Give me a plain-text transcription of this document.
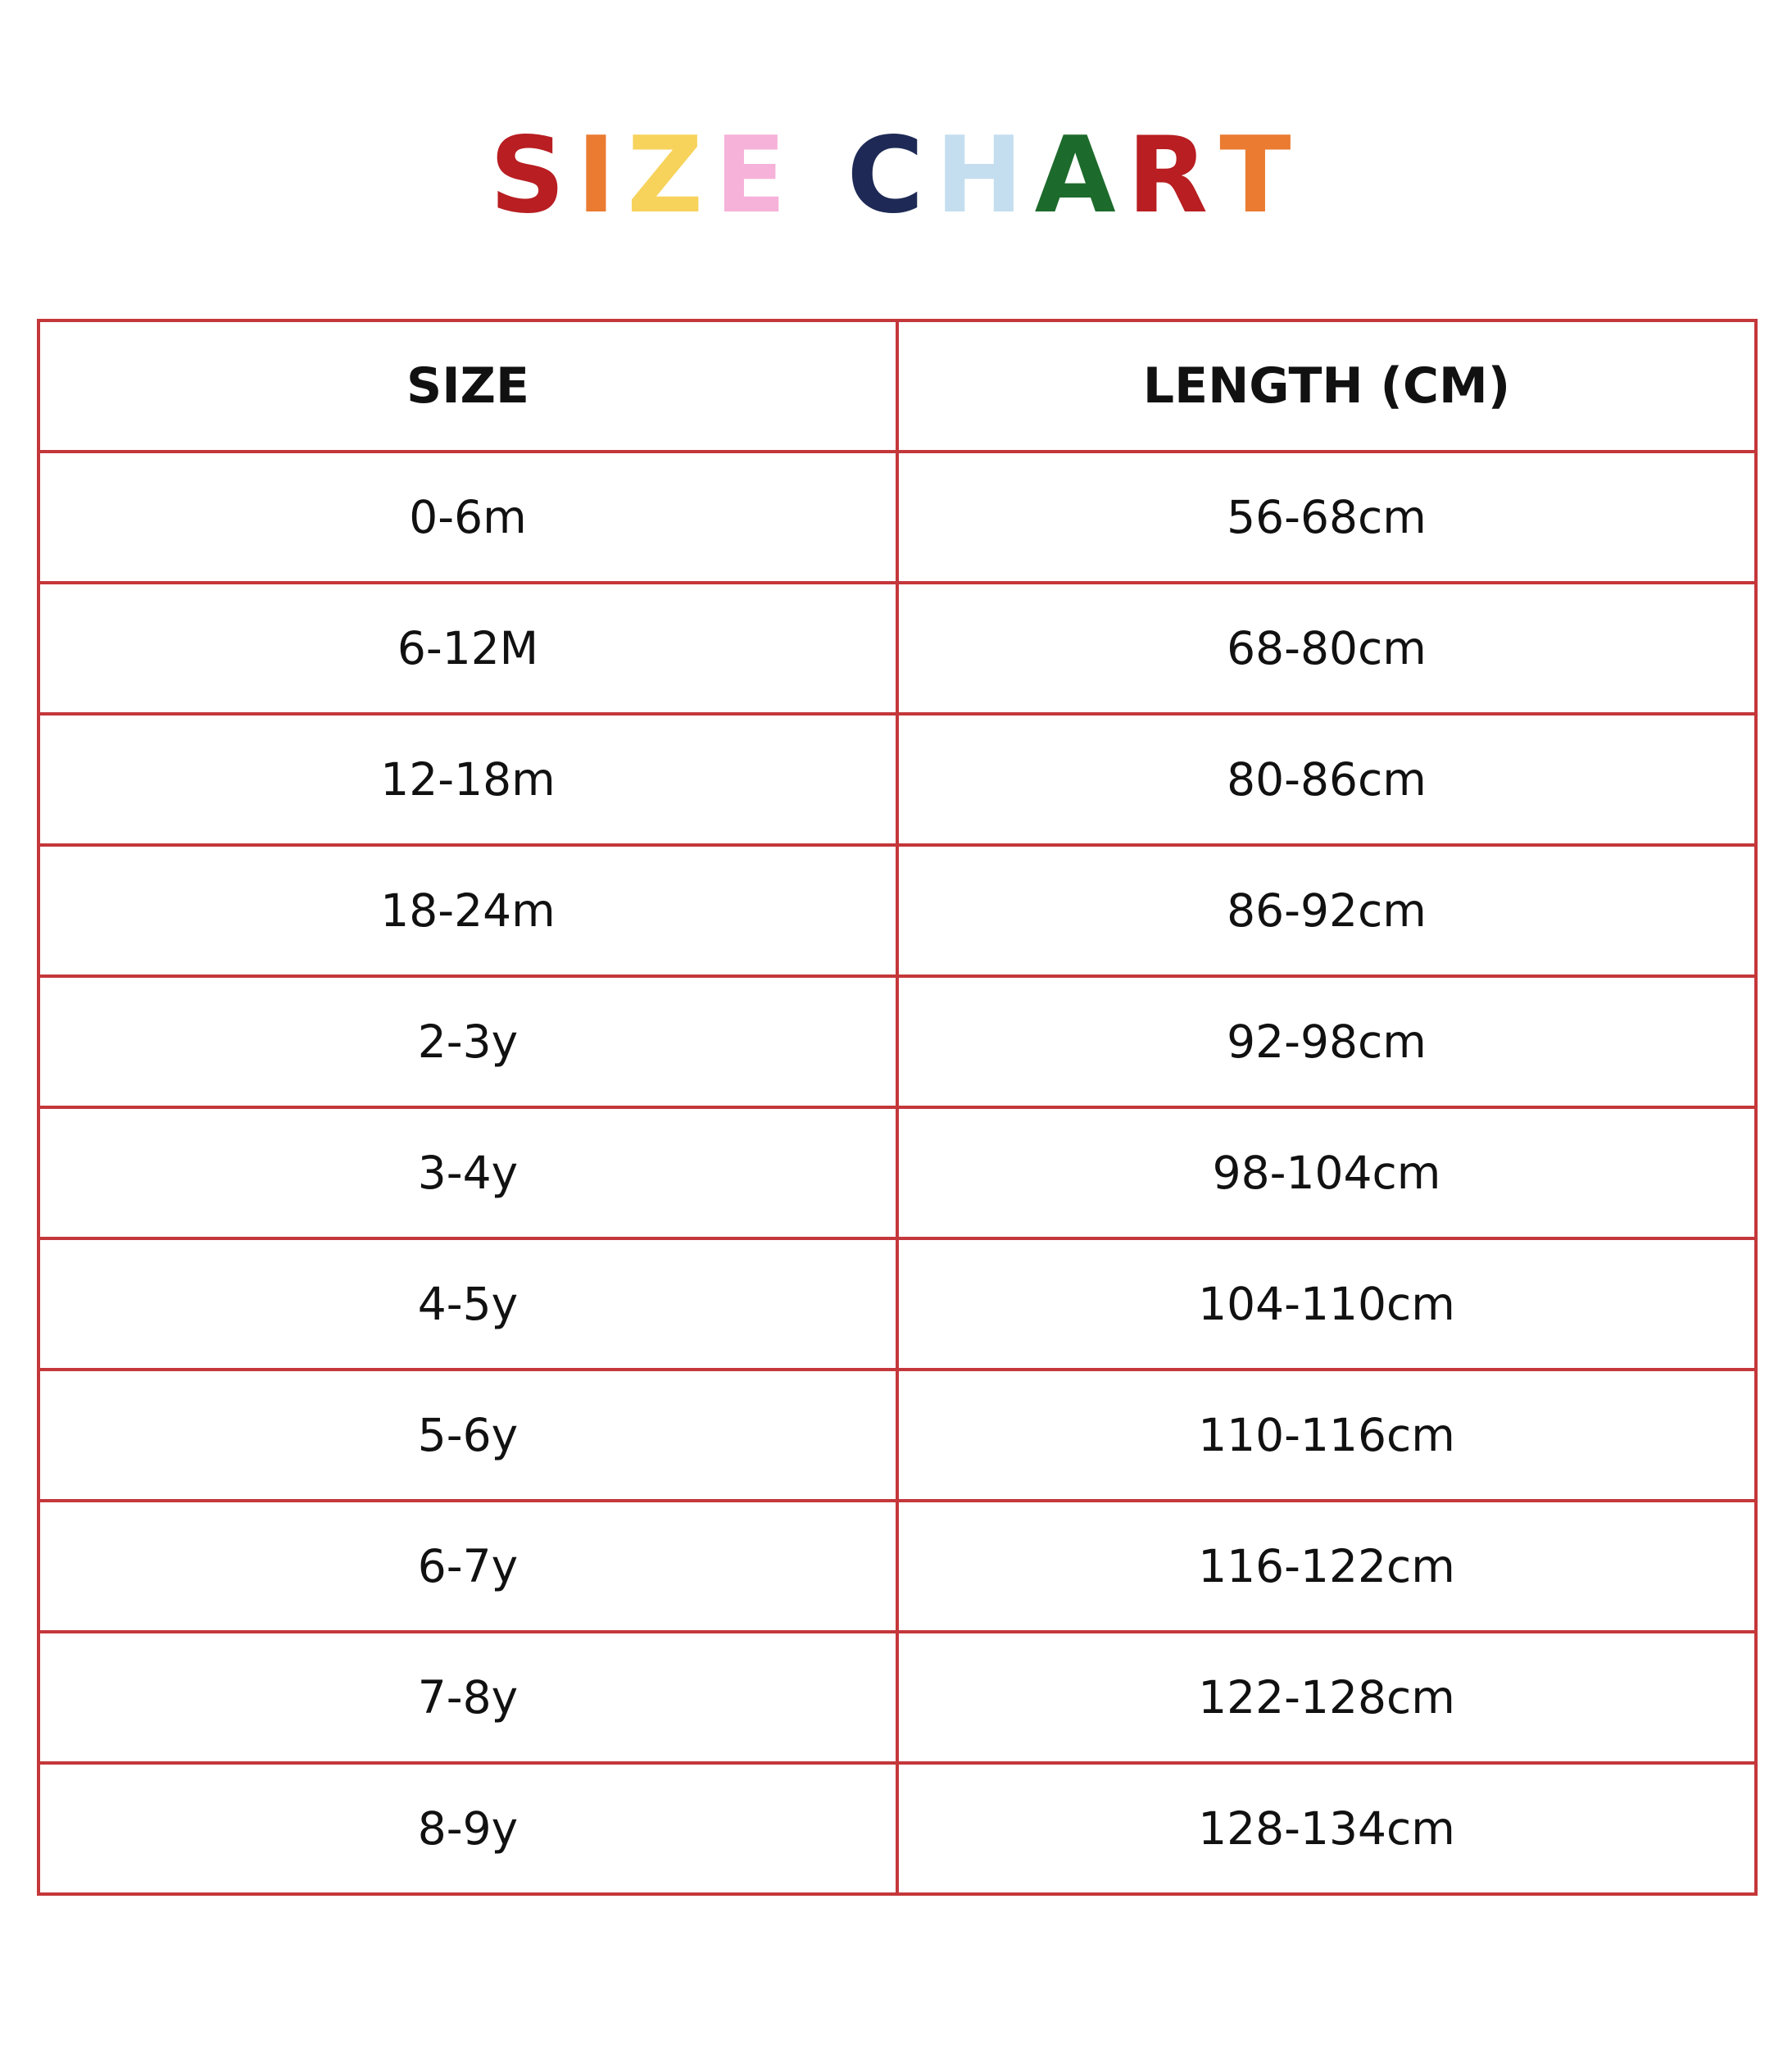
SIZE CHART
SIZE	LENGTH (CM)
0-6m	56-68cm
6-12M	68-80cm
12-18m	80-86cm
18-24m	86-92cm
2-3y	92-98cm
3-4y	98-104cm
4-5y	104-110cm
5-6y	110-116cm
6-7y	116-122cm
7-8y	122-128cm
8-9y	128-134cm
